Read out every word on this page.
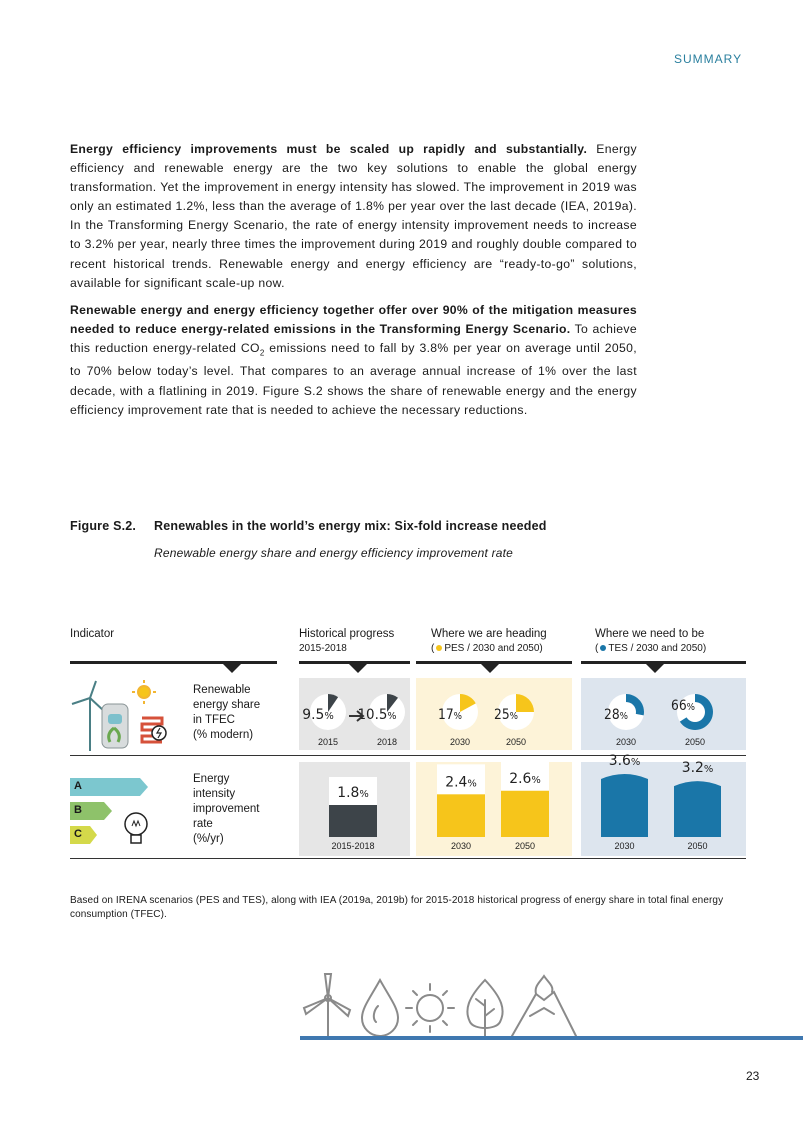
SUMMARY

Energy efficiency improvements must be scaled up rapidly and substantially. Energy efficiency and renewable energy are the two key solutions to enable the global energy transformation. Yet the improvement in energy intensity has slowed. The improvement in 2019 was only an estimated 1.2%, less than the average of 1.8% per year over the last decade (IEA, 2019a). In the Transforming Energy Scenario, the rate of energy intensity improvement needs to increase to 3.2% per year, nearly three times the improvement during 2019 and roughly double compared to recent historical trends. Renewable energy and energy efficiency are “ready-to-go” solutions, available for significant scale-up now.

Renewable energy and energy efficiency together offer over 90% of the mitigation measures needed to reduce energy-related emissions in the Transforming Energy Scenario. To achieve this reduction energy-related $CO_2$ emissions need to fall by 3.8% per year on average until 2050, to 70% below today’s level. That compares to an average annual increase of 1% over the last decade, with a flatlining in 2019. Figure S.2 shows the share of renewable energy and the energy efficiency improvement rate that is needed to achieve the necessary reductions.

Figure S.2. Renewables in the world’s energy mix: Six-fold increase needed
Renewable energy share and energy efficiency improvement rate
Indicator	Historical progress
2015-2018
Where we are heading
( PES / 2030 and 2050)
Where we need to be
( TES / 2030 and 2050)
Renewable
energy share
in TFEC
(% modern)
Energy
intensity
improvement
rate
(%/yr)
A
B
C
9.5%
2015
10.5%
2018
17%
2030
25%
2050
28%
2030
66%
2050
1.8%
2015-2018
2.4%
2030
2.6%
2050
3.6%
2030
3.2%
2050
Based on IRENA scenarios (PES and TES), along with IEA (2019a, 2019b) for 2015-2018 historical progress of energy share in total final energy consumption (TFEC).
23
